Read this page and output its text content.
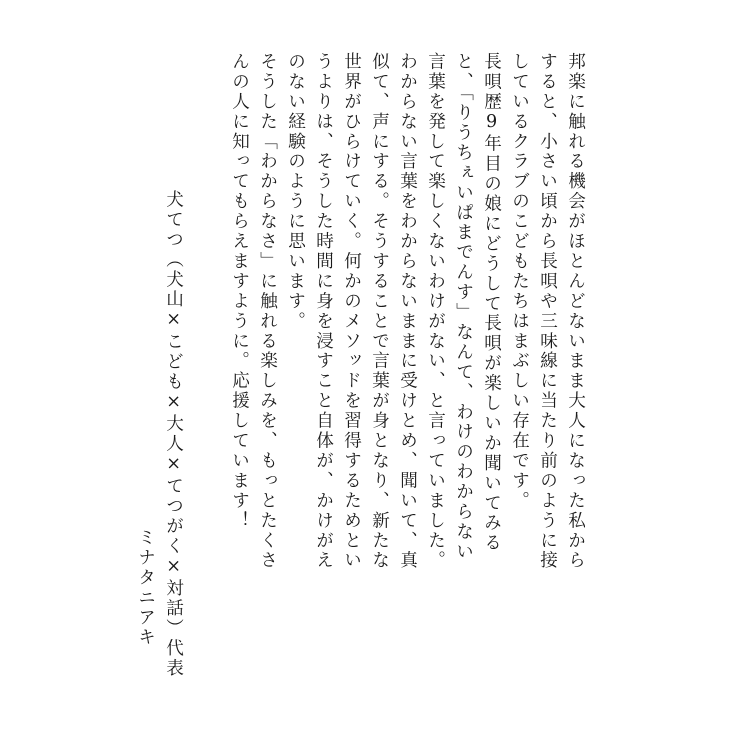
邦楽に触れる機会がほとんどないまま大人になった私から
すると、小さい頃から長唄や三味線に当たり前のように接
しているクラブのこどもたちはまぶしい存在です。
長唄歴9年目の娘にどうして長唄が楽しいか聞いてみる
と、「りうちぇいぱまでんす」なんて、わけのわからない
言葉を発して楽しくないわけがない、と言っていました。
わからない言葉をわからないままに受けとめ、聞いて、真
似て、声にする。そうすることで言葉が身となり、新たな
世界がひらけていく。何かのメソッドを習得するためとい
うよりは、そうした時間に身を浸すこと自体が、かけがえ
のない経験のように思います。
そうした「わからなさ」に触れる楽しみを、もっとたくさ
んの人に知ってもらえますように。応援しています！
犬てつ（犬山×こども×大人×てつがく×対話）代表
ミナタニアキ
